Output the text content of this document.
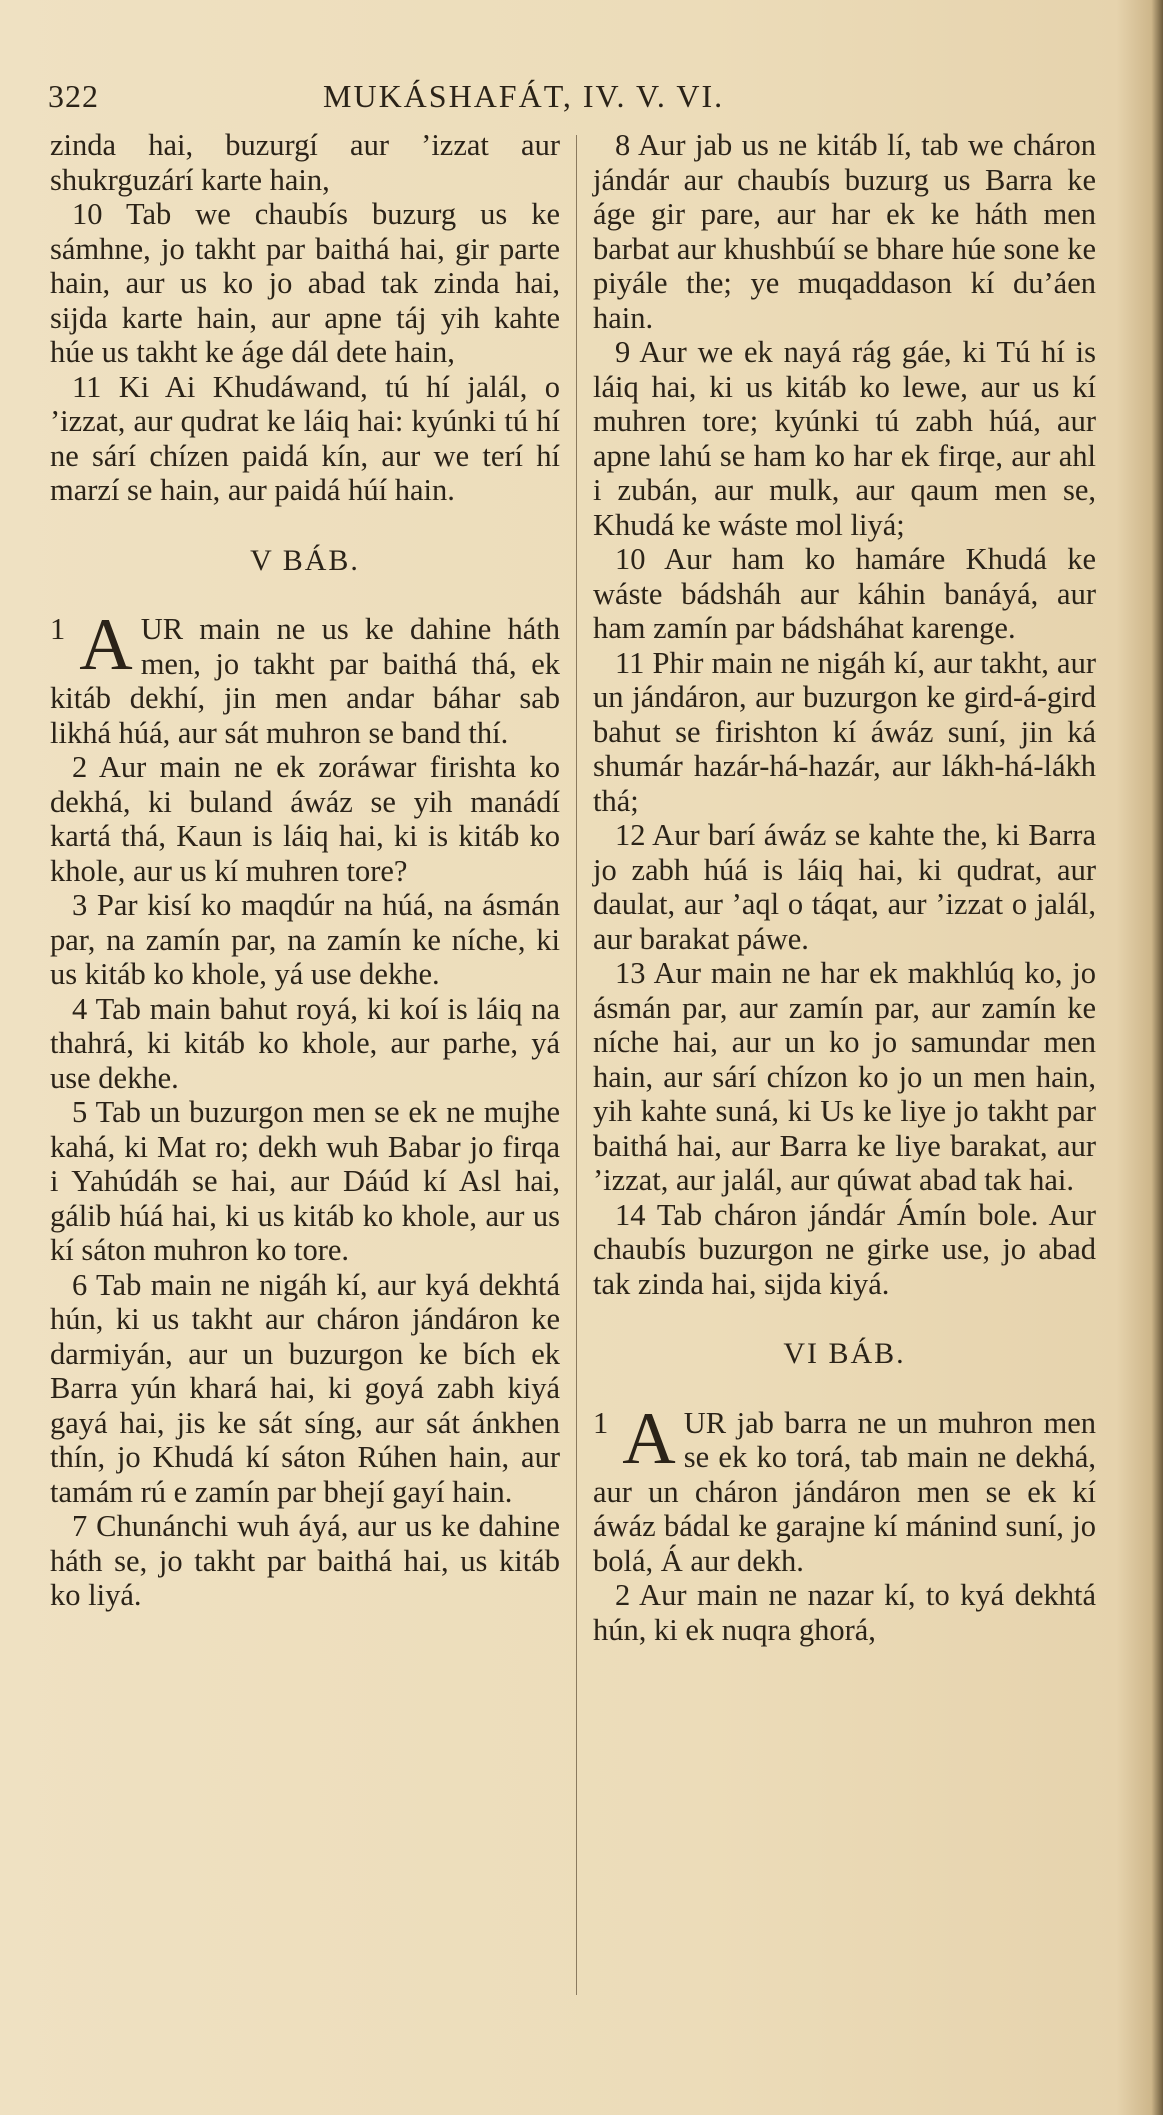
322	MUKÁSHAFÁT, IV. V. VI.

zinda hai, buzurgí aur ’izzat aur shukrguzárí karte hain,

10 Tab we chaubís buzurg us ke sámhne, jo takht par baithá hai, gir parte hain, aur us ko jo abad tak zinda hai, sijda karte hain, aur apne táj yih kahte húe us takht ke áge dál dete hain,

11 Ki Ai Khudáwand, tú hí jalál, o ’izzat, aur qudrat ke láiq hai: kyúnki tú hí ne sárí chízen paidá kín, aur we terí hí marzí se hain, aur paidá húí hain.

V BÁB.

1 A UR main ne us ke dahine háth men, jo takht par baithá thá, ek kitáb dekhí, jin men andar báhar sab likhá húá, aur sát muhron se band thí.

2 Aur main ne ek zoráwar firishta ko dekhá, ki buland áwáz se yih manádí kartá thá, Kaun is láiq hai, ki is kitáb ko khole, aur us kí muhren tore?

3 Par kisí ko maqdúr na húá, na ásmán par, na zamín par, na zamín ke níche, ki us kitáb ko khole, yá use dekhe.

4 Tab main bahut royá, ki koí is láiq na thahrá, ki kitáb ko khole, aur parhe, yá use dekhe.

5 Tab un buzurgon men se ek ne mujhe kahá, ki Mat ro; dekh wuh Babar jo firqa i Yahúdáh se hai, aur Dáúd kí Asl hai, gálib húá hai, ki us kitáb ko khole, aur us kí sáton muhron ko tore.

6 Tab main ne nigáh kí, aur kyá dekhtá hún, ki us takht aur cháron jándáron ke darmiyán, aur un buzurgon ke bích ek Barra yún khará hai, ki goyá zabh kiyá gayá hai, jis ke sát síng, aur sát ánkhen thín, jo Khudá kí sáton Rúhen hain, aur tamám rú e zamín par bhejí gayí hain.

7 Chunánchi wuh áyá, aur us ke dahine háth se, jo takht par baithá hai, us kitáb ko liyá.

8 Aur jab us ne kitáb lí, tab we cháron jándár aur chaubís buzurg us Barra ke áge gir pare, aur har ek ke háth men barbat aur khushbúí se bhare húe sone ke piyále the; ye muqaddason kí du’áen hain.

9 Aur we ek nayá rág gáe, ki Tú hí is láiq hai, ki us kitáb ko lewe, aur us kí muhren tore; kyúnki tú zabh húá, aur apne lahú se ham ko har ek firqe, aur ahl i zubán, aur mulk, aur qaum men se, Khudá ke wáste mol liyá;

10 Aur ham ko hamáre Khudá ke wáste bádsháh aur káhin banáyá, aur ham zamín par bádsháhat karenge.

11 Phir main ne nigáh kí, aur takht, aur un jándáron, aur buzurgon ke gird-á-gird bahut se firishton kí áwáz suní, jin ká shumár hazár-há-hazár, aur lákh-há-lákh thá;

12 Aur barí áwáz se kahte the, ki Barra jo zabh húá is láiq hai, ki qudrat, aur daulat, aur ’aql o táqat, aur ’izzat o jalál, aur barakat páwe.

13 Aur main ne har ek makhlúq ko, jo ásmán par, aur zamín par, aur zamín ke níche hai, aur un ko jo samundar men hain, aur sárí chízon ko jo un men hain, yih kahte suná, ki Us ke liye jo takht par baithá hai, aur Barra ke liye barakat, aur ’izzat, aur jalál, aur qúwat abad tak hai.

14 Tab cháron jándár Ámín bole. Aur chaubís buzurgon ne girke use, jo abad tak zinda hai, sijda kiyá.

VI BÁB.

1 A UR jab barra ne un muhron men se ek ko torá, tab main ne dekhá, aur un cháron jándáron men se ek kí áwáz bádal ke garajne kí mánind suní, jo bolá, Á aur dekh.

2 Aur main ne nazar kí, to kyá dekhtá hún, ki ek nuqra ghorá,
